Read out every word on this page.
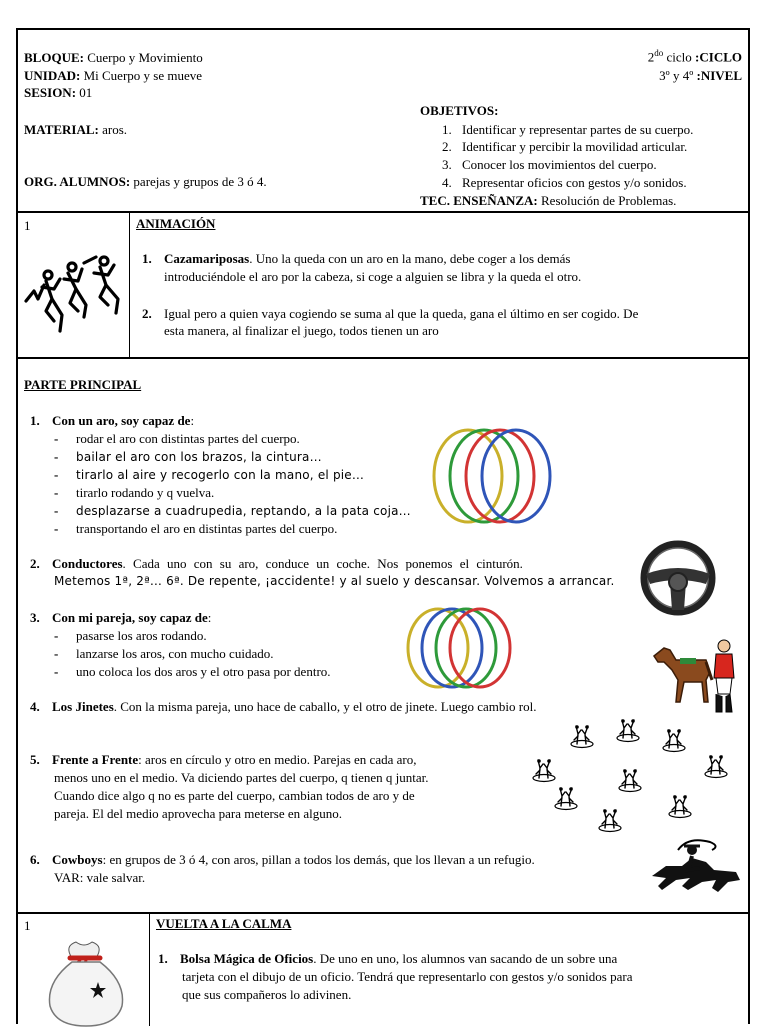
BLOQUE: Cuerpo y Movimiento
UNIDAD: Mi Cuerpo y se mueve
SESION: 01
MATERIAL: aros.
ORG. ALUMNOS: parejas y grupos de 3 ó 4.
$2^{do}$ ciclo :CICLO
3º y 4º :NIVEL
OBJETIVOS:
1. Identificar y representar partes de su cuerpo.
2. Identificar y percibir la movilidad articular.
3. Conocer los movimientos del cuerpo.
4. Representar oficios con gestos y/o sonidos.
TEC. ENSEÑANZA: Resolución de Problemas.
1	ANIMACIÓN
1. Cazamariposas. Uno la queda con un aro en la mano, debe coger a los demás
introduciéndole el aro por la cabeza, si coge a alguien se libra y la queda el otro.
2. Igual pero a quien vaya cogiendo se suma al que la queda, gana el último en ser cogido. De
esta manera, al finalizar el juego, todos tienen un aro
PARTE PRINCIPAL
1. Con un aro, soy capaz de:
- rodar el aro con distintas partes del cuerpo.
- bailar el aro con los brazos, la cintura…
- tirarlo al aire y recogerlo con la mano, el pie…
- tirarlo rodando y q vuelva.
- desplazarse a cuadrupedia, reptando, a la pata coja…
- transportando el aro en distintas partes del cuerpo.
2. Conductores. Cada uno con su aro, conduce un coche. Nos ponemos el cinturón.
Metemos 1ª, 2ª… 6ª. De repente, ¡accidente! y al suelo y descansar. Volvemos a arrancar.
3. Con mi pareja, soy capaz de:
- pasarse los aros rodando.
- lanzarse los aros, con mucho cuidado.
- uno coloca los dos aros y el otro pasa por dentro.
4. Los Jinetes. Con la misma pareja, uno hace de caballo, y el otro de jinete. Luego cambio rol.
5. Frente a Frente: aros en círculo y otro en medio. Parejas en cada aro,
menos uno en el medio. Va diciendo partes del cuerpo, q tienen q juntar.
Cuando dice algo q no es parte del cuerpo, cambian todos de aro y de
pareja. El del medio aprovecha para meterse en alguno.
6. Cowboys: en grupos de 3 ó 4, con aros, pillan a todos los demás, que los llevan a un refugio.
VAR: vale salvar.
1	VUELTA A LA CALMA
1. Bolsa Mágica de Oficios. De uno en uno, los alumnos van sacando de un sobre una
tarjeta con el dibujo de un oficio. Tendrá que representarlo con gestos y/o sonidos para
que sus compañeros lo adivinen.
